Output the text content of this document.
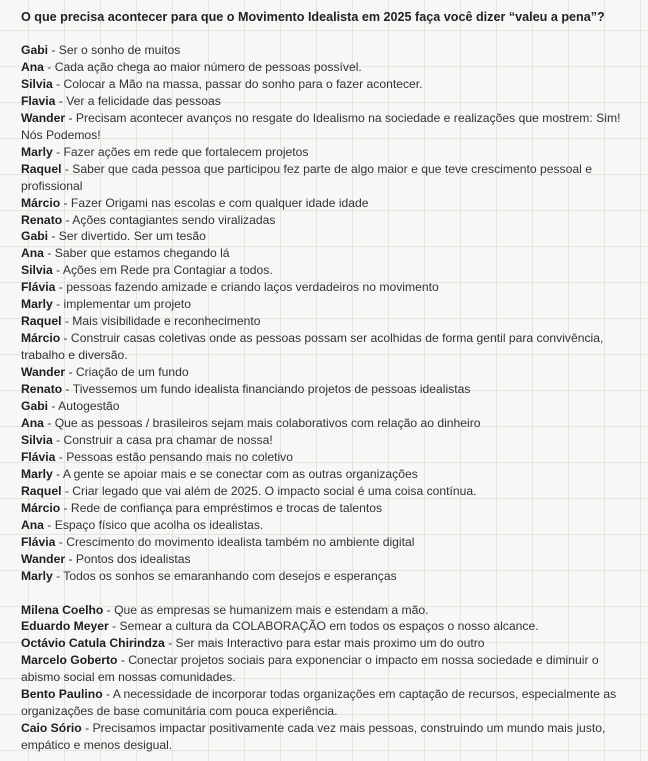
O que precisa acontecer para que o Movimento Idealista em 2025 faça você dizer “valeu a pena”?
Gabi - Ser o sonho de muitos
Ana - Cada ação chega ao maior número de pessoas possível.
Silvia - Colocar a Mão na massa, passar do sonho para o fazer acontecer.
Flavia - Ver a felicidade das pessoas
Wander - Precisam acontecer avanços no resgate do Idealismo na sociedade e realizações que mostrem: Sim! Nós Podemos!
Marly - Fazer ações em rede que fortalecem projetos
Raquel - Saber que cada pessoa que participou fez parte de algo maior e que teve crescimento pessoal e profissional
Márcio - Fazer Origami nas escolas e com qualquer idade idade
Renato - Ações contagiantes sendo viralizadas
Gabi - Ser divertido. Ser um tesão
Ana - Saber que estamos chegando lá
Silvia - Ações em Rede pra Contagiar a todos.
Flávia - pessoas fazendo amizade e criando laços verdadeiros no movimento
Marly - implementar um projeto
Raquel - Mais visibilidade e reconhecimento
Márcio - Construir casas coletivas onde as pessoas possam ser acolhidas de forma gentil para convivência, trabalho e diversão.
Wander - Criação de um fundo
Renato - Tivessemos um fundo idealista financiando projetos de pessoas idealistas
Gabi - Autogestão
Ana - Que as pessoas / brasileiros sejam mais colaborativos com relação ao dinheiro
Silvia - Construir a casa pra chamar de nossa!
Flávia - Pessoas estão pensando mais no coletivo
Marly - A gente se apoiar mais e se conectar com as outras organizações
Raquel - Criar legado que vai além de 2025. O impacto social é uma coisa contínua.
Márcio - Rede de confiança para empréstimos e trocas de talentos
Ana - Espaço físico que acolha os idealistas.
Flávia - Crescimento do movimento idealista também no ambiente digital
Wander - Pontos dos idealistas
Marly - Todos os sonhos se emaranhando com desejos e esperanças
Milena Coelho - Que as empresas se humanizem mais e estendam a mão.
Eduardo Meyer - Semear a cultura da COLABORAÇÃO em todos os espaços o nosso alcance.
Octávio Catula Chirindza - Ser mais Interactivo para estar mais proximo um do outro
Marcelo Goberto - Conectar projetos sociais para exponenciar o impacto em nossa sociedade e diminuir o abismo social em nossas comunidades.
Bento Paulino - A necessidade de incorporar todas organizações em captação de recursos, especialmente as organizações de base comunitária com pouca experiência.
Caio Sório - Precisamos impactar positivamente cada vez mais pessoas, construindo um mundo mais justo, empático e menos desigual.
